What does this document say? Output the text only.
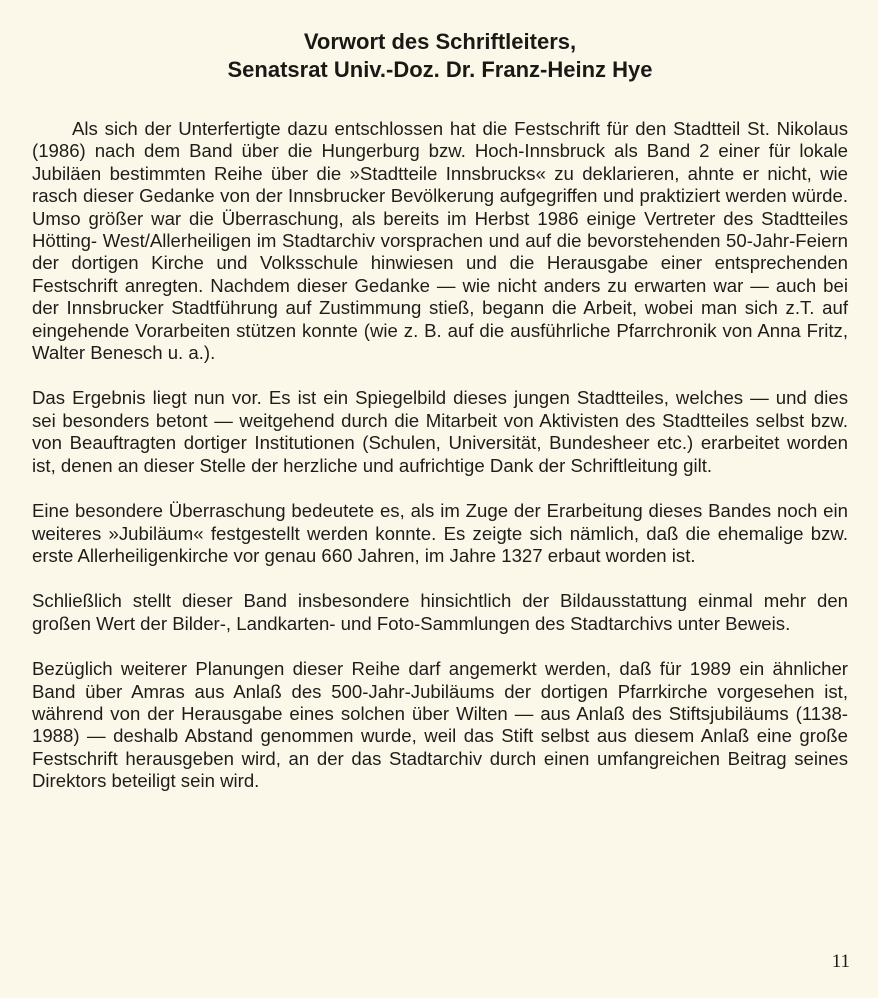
Vorwort des Schriftleiters,
Senatsrat Univ.-Doz. Dr. Franz-Heinz Hye

Als sich der Unterfertigte dazu entschlossen hat die Festschrift für den Stadtteil St. Nikolaus (1986) nach dem Band über die Hungerburg bzw. Hoch-Innsbruck als Band 2 einer für lokale Jubiläen bestimmten Reihe über die »Stadtteile Innsbrucks« zu deklarieren, ahnte er nicht, wie rasch dieser Gedanke von der Innsbrucker Bevölkerung aufgegriffen und praktiziert werden würde. Umso größer war die Überraschung, als bereits im Herbst 1986 einige Vertreter des Stadtteiles Hötting- West/Allerheiligen im Stadtarchiv vorsprachen und auf die bevorstehenden 50-Jahr-Feiern der dortigen Kirche und Volksschule hinwiesen und die Herausgabe einer entsprechenden Festschrift anregten. Nachdem dieser Gedanke — wie nicht anders zu erwarten war — auch bei der Innsbrucker Stadtführung auf Zustimmung stieß, begann die Arbeit, wobei man sich z.T. auf eingehende Vorarbeiten stützen konnte (wie z. B. auf die ausführliche Pfarrchronik von Anna Fritz, Walter Benesch u. a.).

Das Ergebnis liegt nun vor. Es ist ein Spiegelbild dieses jungen Stadtteiles, welches — und dies sei besonders betont — weitgehend durch die Mitarbeit von Aktivisten des Stadtteiles selbst bzw. von Beauftragten dortiger Institutionen (Schulen, Universität, Bundesheer etc.) erarbeitet worden ist, denen an dieser Stelle der herzliche und aufrichtige Dank der Schriftleitung gilt.

Eine besondere Überraschung bedeutete es, als im Zuge der Erarbeitung dieses Bandes noch ein weiteres »Jubiläum« festgestellt werden konnte. Es zeigte sich nämlich, daß die ehemalige bzw. erste Allerheiligenkirche vor genau 660 Jahren, im Jahre 1327 erbaut worden ist.

Schließlich stellt dieser Band insbesondere hinsichtlich der Bildausstattung einmal mehr den großen Wert der Bilder-, Landkarten- und Foto-Sammlungen des Stadtarchivs unter Beweis.

Bezüglich weiterer Planungen dieser Reihe darf angemerkt werden, daß für 1989 ein ähnlicher Band über Amras aus Anlaß des 500-Jahr-Jubiläums der dortigen Pfarrkirche vorgesehen ist, während von der Herausgabe eines solchen über Wilten — aus Anlaß des Stiftsjubiläums (1138-1988) — deshalb Abstand genommen wurde, weil das Stift selbst aus diesem Anlaß eine große Festschrift herausgeben wird, an der das Stadtarchiv durch einen umfangreichen Beitrag seines Direktors beteiligt sein wird.

11
